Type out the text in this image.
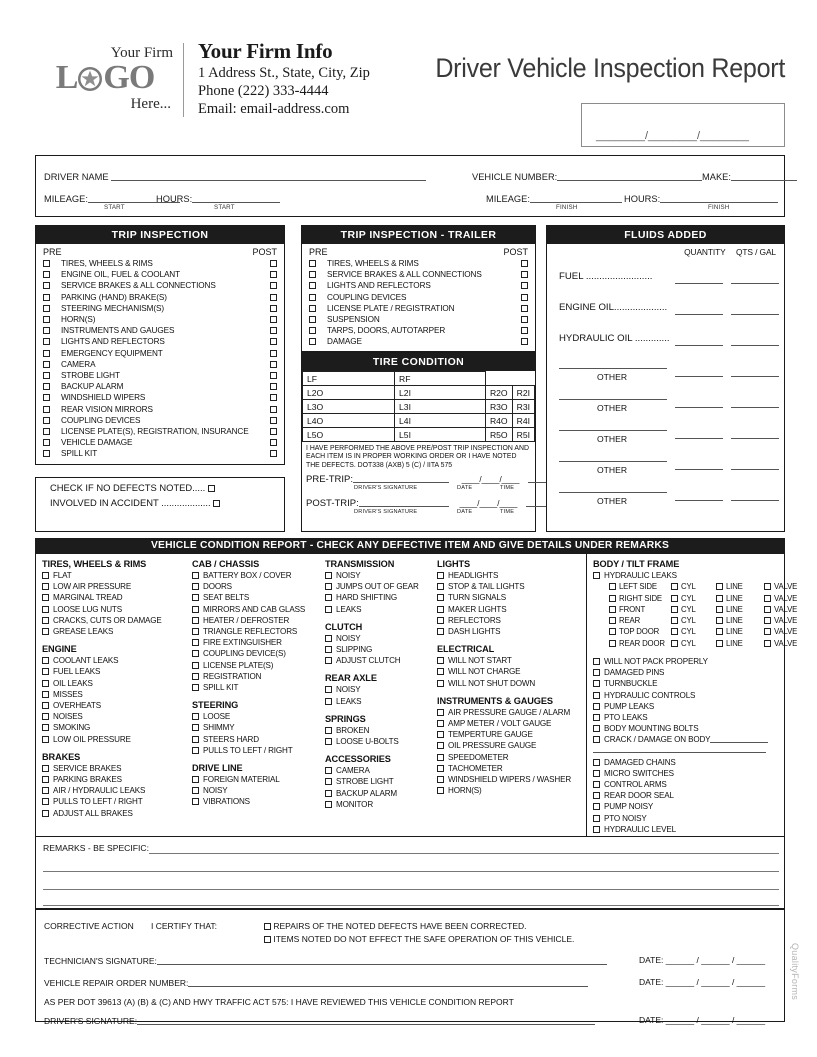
Your Firm
L GO
Here...
Your Firm Info
1 Address St., State, City, Zip
Phone (222) 333-4444
Email: email-address.com
Driver Vehicle Inspection Report
________/________/________
DRIVER NAME	VEHICLE NUMBER:	MAKE:
MILEAGE:
START
HOURS:
START
MILEAGE:
FINISH
HOURS:
FINISH
TRIP INSPECTION
PRE	POST
TIRES, WHEELS & RIMS
ENGINE OIL, FUEL & COOLANT
SERVICE BRAKES & ALL CONNECTIONS
PARKING (HAND) BRAKE(S)
STEERING MECHANISM(S)
HORN(S)
INSTRUMENTS AND GAUGES
LIGHTS AND REFLECTORS
EMERGENCY EQUIPMENT
CAMERA
STROBE LIGHT
BACKUP ALARM
WINDSHIELD WIPERS
REAR VISION MIRRORS
COUPLING DEVICES
LICENSE PLATE(S), REGISTRATION, INSURANCE
VEHICLE DAMAGE
SPILL KIT
TRIP INSPECTION - TRAILER
PRE	POST
TIRES, WHEELS & RIMS
SERVICE BRAKES & ALL CONNECTIONS
LIGHTS AND REFLECTORS
COUPLING DEVICES
LICENSE PLATE / REGISTRATION
SUSPENSION
TARPS, DOORS, AUTOTARPER
DAMAGE
TIRE CONDITION
LF	RF		
L2O	L2I	R2O	R2I
L3O	L3I	R3O	R3I
L4O	L4I	R4O	R4I
L5O	L5I	R5O	R5I
I HAVE PERFORMED THE ABOVE PRE/POST TRIP INSPECTION AND EACH ITEM IS IN PROPER WORKING ORDER OR I HAVE NOTED THE DEFECTS. DOT338 (AXB) 5 (C) / IITA 575
PRE-TRIP:	____/____/____
DRIVER'S SIGNATURE	DATE	TIME
POST-TRIP:	____/____/____
DRIVER'S SIGNATURE	DATE	TIME
FLUIDS ADDED
QUANTITY QTS / GAL
FUEL .........................
ENGINE OIL....................
HYDRAULIC OIL .............
OTHER
OTHER
OTHER
OTHER
OTHER
CHECK IF NO DEFECTS NOTED.....
INVOLVED IN ACCIDENT ...................
VEHICLE CONDITION REPORT - CHECK ANY DEFECTIVE ITEM AND GIVE DETAILS UNDER REMARKS
TIRES, WHEELS & RIMS
FLAT
LOW AIR PRESSURE
MARGINAL TREAD
LOOSE LUG NUTS
CRACKS, CUTS OR DAMAGE
GREASE LEAKS
ENGINE
COOLANT LEAKS
FUEL LEAKS
OIL LEAKS
MISSES
OVERHEATS
NOISES
SMOKING
LOW OIL PRESSURE
BRAKES
SERVICE BRAKES
PARKING BRAKES
AIR / HYDRAULIC LEAKS
PULLS TO LEFT / RIGHT
ADJUST ALL BRAKES
CAB / CHASSIS
BATTERY BOX / COVER
DOORS
SEAT BELTS
MIRRORS AND CAB GLASS
HEATER / DEFROSTER
TRIANGLE REFLECTORS
FIRE EXTINGUISHER
COUPLING DEVICE(S)
LICENSE PLATE(S)
REGISTRATION
SPILL KIT
STEERING
LOOSE
SHIMMY
STEERS HARD
PULLS TO LEFT / RIGHT
DRIVE LINE
FOREIGN MATERIAL
NOISY
VIBRATIONS
TRANSMISSION
NOISY
JUMPS OUT OF GEAR
HARD SHIFTING
LEAKS
CLUTCH
NOISY
SLIPPING
ADJUST CLUTCH
REAR AXLE
NOISY
LEAKS
SPRINGS
BROKEN
LOOSE U-BOLTS
ACCESSORIES
CAMERA
STROBE LIGHT
BACKUP ALARM
MONITOR
LIGHTS
HEADLIGHTS
STOP & TAIL LIGHTS
TURN SIGNALS
MAKER LIGHTS
REFLECTORS
DASH LIGHTS
ELECTRICAL
WILL NOT START
WILL NOT CHARGE
WILL NOT SHUT DOWN
INSTRUMENTS & GAUGES
AIR PRESSURE GAUGE / ALARM
AMP METER / VOLT GAUGE
TEMPERTURE GAUGE
OIL PRESSURE GAUGE
SPEEDOMETER
TACHOMETER
WINDSHIELD WIPERS / WASHER
HORN(S)
BODY / TILT FRAME
HYDRAULIC LEAKS
LEFT SIDE	CYL	LINE	VALVE
RIGHT SIDE CYL	LINE	VALVE
FRONT	CYL	LINE	VALVE
REAR	CYL	LINE	VALVE
TOP DOOR	CYL	LINE	VALVE
REAR DOOR CYL	LINE	VALVE
WILL NOT PACK PROPERLY
DAMAGED PINS
TURNBUCKLE
HYDRAULIC CONTROLS
PUMP LEAKS
PTO LEAKS
BODY MOUNTING BOLTS
CRACK / DAMAGE ON BODY
DAMAGED CHAINS
MICRO SWITCHES
CONTROL ARMS
REAR DOOR SEAL
PUMP NOISY
PTO NOISY
HYDRAULIC LEVEL
REMARKS - BE SPECIFIC:
CORRECTIVE ACTION I CERTIFY THAT:	REPAIRS OF THE NOTED DEFECTS HAVE BEEN CORRECTED.
ITEMS NOTED DO NOT EFFECT THE SAFE OPERATION OF THIS VEHICLE.
TECHNICIAN'S SIGNATURE:	DATE: ______ / ______ / ______
VEHICLE REPAIR ORDER NUMBER:	DATE: ______ / ______ / ______
AS PER DOT 39613 (A) (B) & (C) AND HWY TRAFFIC ACT 575: I HAVE REVIEWED THIS VEHICLE CONDITION REPORT
DRIVER'S SIGNATURE:	DATE: ______ / ______ / ______
QualityForms
